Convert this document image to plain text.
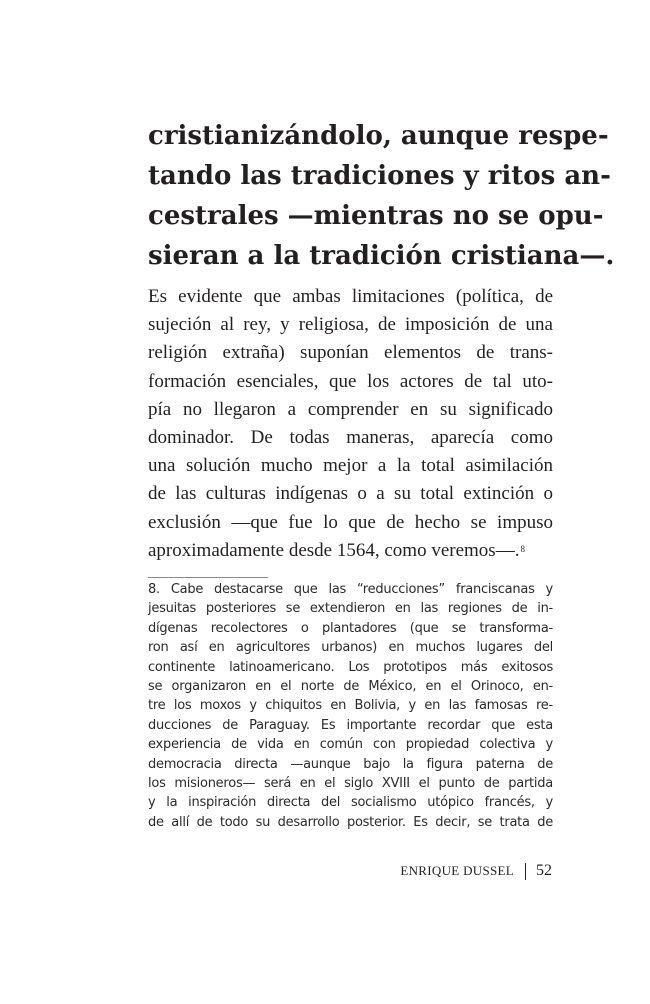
cristianizándolo, aunque respe-
tando las tradiciones y ritos an-
cestrales —mientras no se opu-
sieran a la tradición cristiana—.
Es evidente que ambas limitaciones (política, de
sujeción al rey, y religiosa, de imposición de una
religión extraña) suponían elementos de trans-
formación esenciales, que los actores de tal uto-
pía no llegaron a comprender en su significado
dominador. De todas maneras, aparecía como
una solución mucho mejor a la total asimilación
de las culturas indígenas o a su total extinción o
exclusión —que fue lo que de hecho se impuso
aproximadamente desde 1564, como veremos—.$^8$
8. Cabe destacarse que las “reducciones” franciscanas y
jesuitas posteriores se extendieron en las regiones de in-
dígenas recolectores o plantadores (que se transforma-
ron así en agricultores urbanos) en muchos lugares del
continente latinoamericano. Los prototipos más exitosos
se organizaron en el norte de México, en el Orinoco, en-
tre los moxos y chiquitos en Bolivia, y en las famosas re-
ducciones de Paraguay. Es importante recordar que esta
experiencia de vida en común con propiedad colectiva y
democracia directa —aunque bajo la figura paterna de
los misioneros— será en el siglo XVIII el punto de partida
y la inspiración directa del socialismo utópico francés, y
de allí de todo su desarrollo posterior. Es decir, se trata de
ENRIQUE DUSSEL 52
